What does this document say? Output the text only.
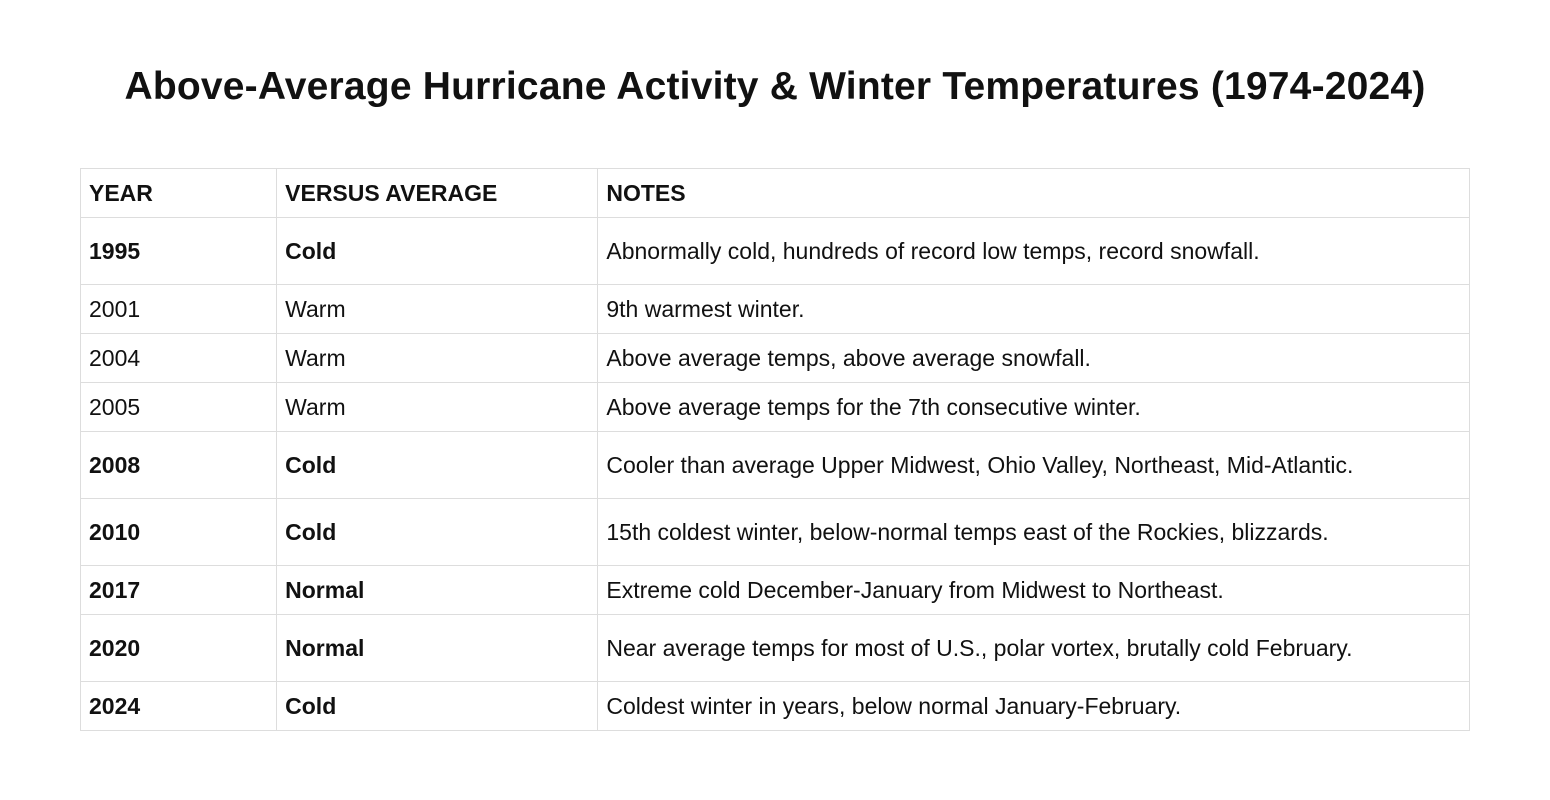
Above-Average Hurricane Activity & Winter Temperatures (1974-2024)
YEAR	VERSUS AVERAGE	NOTES
1995	Cold	Abnormally cold, hundreds of record low temps, record snowfall.
2001	Warm	9th warmest winter.
2004	Warm	Above average temps, above average snowfall.
2005	Warm	Above average temps for the 7th consecutive winter.
2008	Cold	Cooler than average Upper Midwest, Ohio Valley, Northeast, Mid-Atlantic.
2010	Cold	15th coldest winter, below-normal temps east of the Rockies, blizzards.
2017	Normal	Extreme cold December-January from Midwest to Northeast.
2020	Normal	Near average temps for most of U.S., polar vortex, brutally cold February.
2024	Cold	Coldest winter in years, below normal January-February.
